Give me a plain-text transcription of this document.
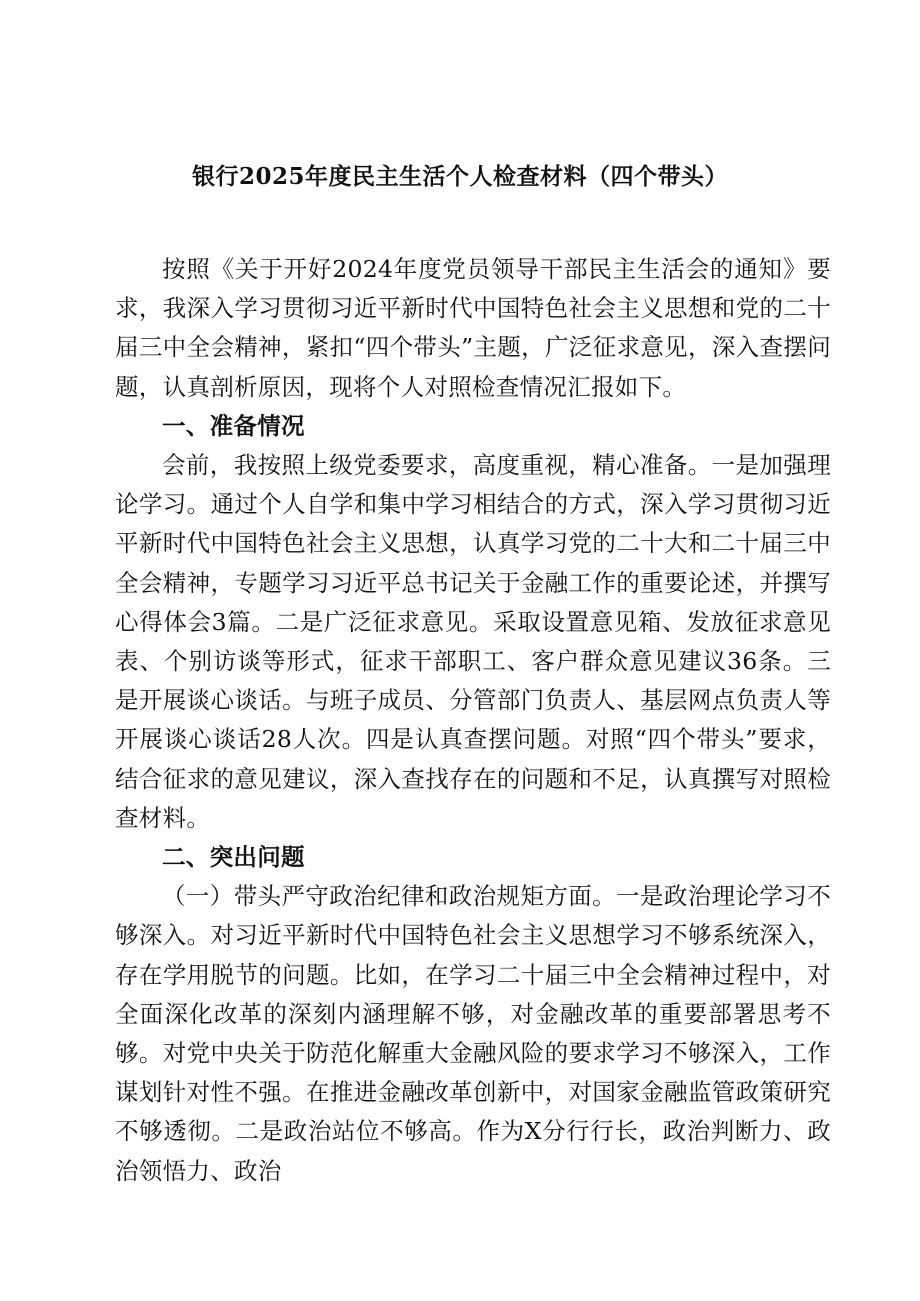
银行2025年度民主生活个人检查材料（四个带头）

按照《关于开好2024年度党员领导干部民主生活会的通知》要求，我深入学习贯彻习近平新时代中国特色社会主义思想和党的二十届三中全会精神，紧扣“四个带头”主题，广泛征求意见，深入查摆问题，认真剖析原因，现将个人对照检查情况汇报如下。

一、准备情况

会前，我按照上级党委要求，高度重视，精心准备。一是加强理论学习。通过个人自学和集中学习相结合的方式，深入学习贯彻习近平新时代中国特色社会主义思想，认真学习党的二十大和二十届三中全会精神，专题学习习近平总书记关于金融工作的重要论述，并撰写心得体会3篇。二是广泛征求意见。采取设置意见箱、发放征求意见表、个别访谈等形式，征求干部职工、客户群众意见建议36条。三是开展谈心谈话。与班子成员、分管部门负责人、基层网点负责人等开展谈心谈话28人次。四是认真查摆问题。对照“四个带头”要求，结合征求的意见建议，深入查找存在的问题和不足，认真撰写对照检查材料。

二、突出问题

（一）带头严守政治纪律和政治规矩方面。一是政治理论学习不够深入。对习近平新时代中国特色社会主义思想学习不够系统深入，存在学用脱节的问题。比如，在学习二十届三中全会精神过程中，对全面深化改革的深刻内涵理解不够，对金融改革的重要部署思考不够。对党中央关于防范化解重大金融风险的要求学习不够深入，工作谋划针对性不强。在推进金融改革创新中，对国家金融监管政策研究不够透彻。二是政治站位不够高。作为X分行行长，政治判断力、政治领悟力、政治
